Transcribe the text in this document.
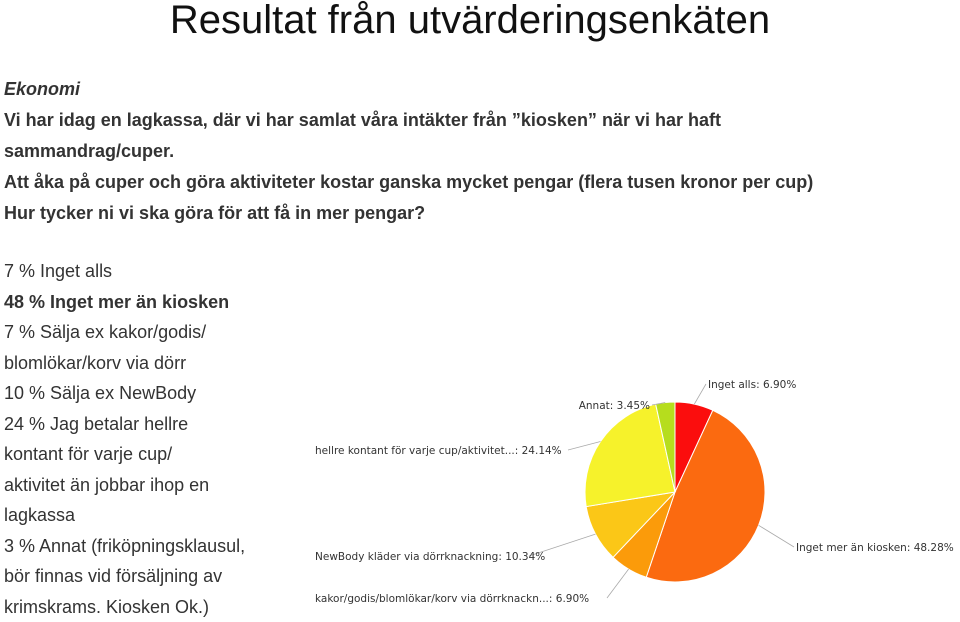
Resultat från utvärderingsenkäten
Ekonomi
Vi har idag en lagkassa, där vi har samlat våra intäkter från ”kiosken” när vi har haft
sammandrag/cuper.
Att åka på cuper och göra aktiviteter kostar ganska mycket pengar (flera tusen kronor per cup)
Hur tycker ni vi ska göra för att få in mer pengar?
7 % Inget alls
48 % Inget mer än kiosken
7 % Sälja ex kakor/godis/
blomlökar/korv via dörr
10 % Sälja ex NewBody
24 % Jag betalar hellre
kontant för varje cup/
aktivitet än jobbar ihop en
lagkassa
3 % Annat (friköpningsklausul,
bör finnas vid försäljning av
krimskrams. Kiosken Ok.)
Inget alls: 6.90%
Inget mer än kiosken: 48.28%
kakor/godis/blomlökar/korv via dörrknackn...: 6.90%
NewBody kläder via dörrknackning: 10.34%
hellre kontant för varje cup/aktivitet...: 24.14%
Annat: 3.45%
